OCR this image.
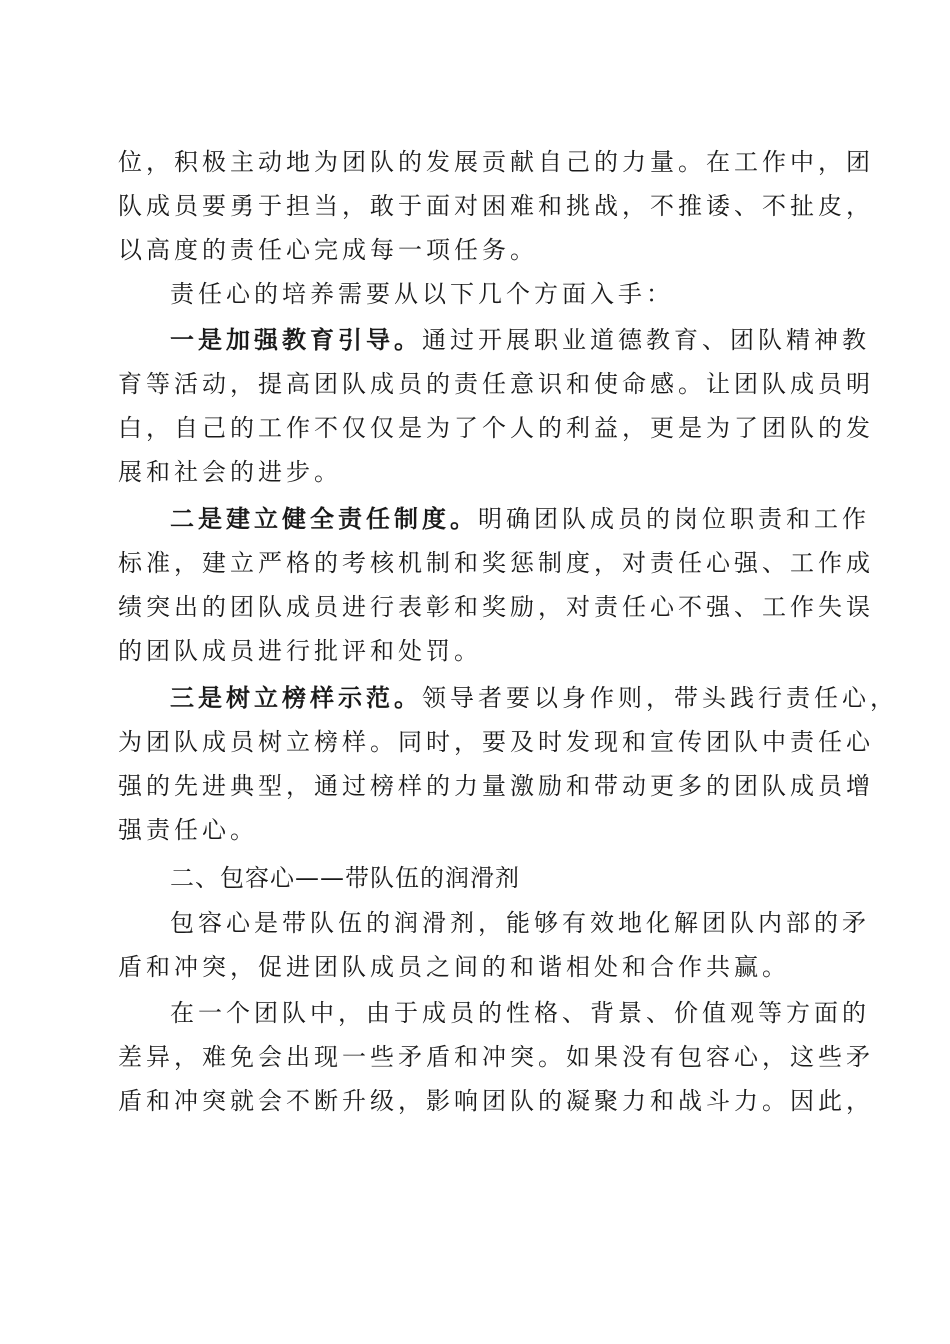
位，积极主动地为团队的发展贡献自己的力量。在工作中，团
队成员要勇于担当，敢于面对困难和挑战，不推诿、不扯皮，
以高度的责任心完成每一项任务。
责任心的培养需要从以下几个方面入手：
一是加强教育引导。通过开展职业道德教育、团队精神教
育等活动，提高团队成员的责任意识和使命感。让团队成员明
白，自己的工作不仅仅是为了个人的利益，更是为了团队的发
展和社会的进步。
二是建立健全责任制度。明确团队成员的岗位职责和工作
标准，建立严格的考核机制和奖惩制度，对责任心强、工作成
绩突出的团队成员进行表彰和奖励，对责任心不强、工作失误
的团队成员进行批评和处罚。
三是树立榜样示范。领导者要以身作则，带头践行责任心，
为团队成员树立榜样。同时，要及时发现和宣传团队中责任心
强的先进典型，通过榜样的力量激励和带动更多的团队成员增
强责任心。
二、包容心——带队伍的润滑剂
包容心是带队伍的润滑剂，能够有效地化解团队内部的矛
盾和冲突，促进团队成员之间的和谐相处和合作共赢。
在一个团队中，由于成员的性格、背景、价值观等方面的
差异，难免会出现一些矛盾和冲突。如果没有包容心，这些矛
盾和冲突就会不断升级，影响团队的凝聚力和战斗力。因此，
